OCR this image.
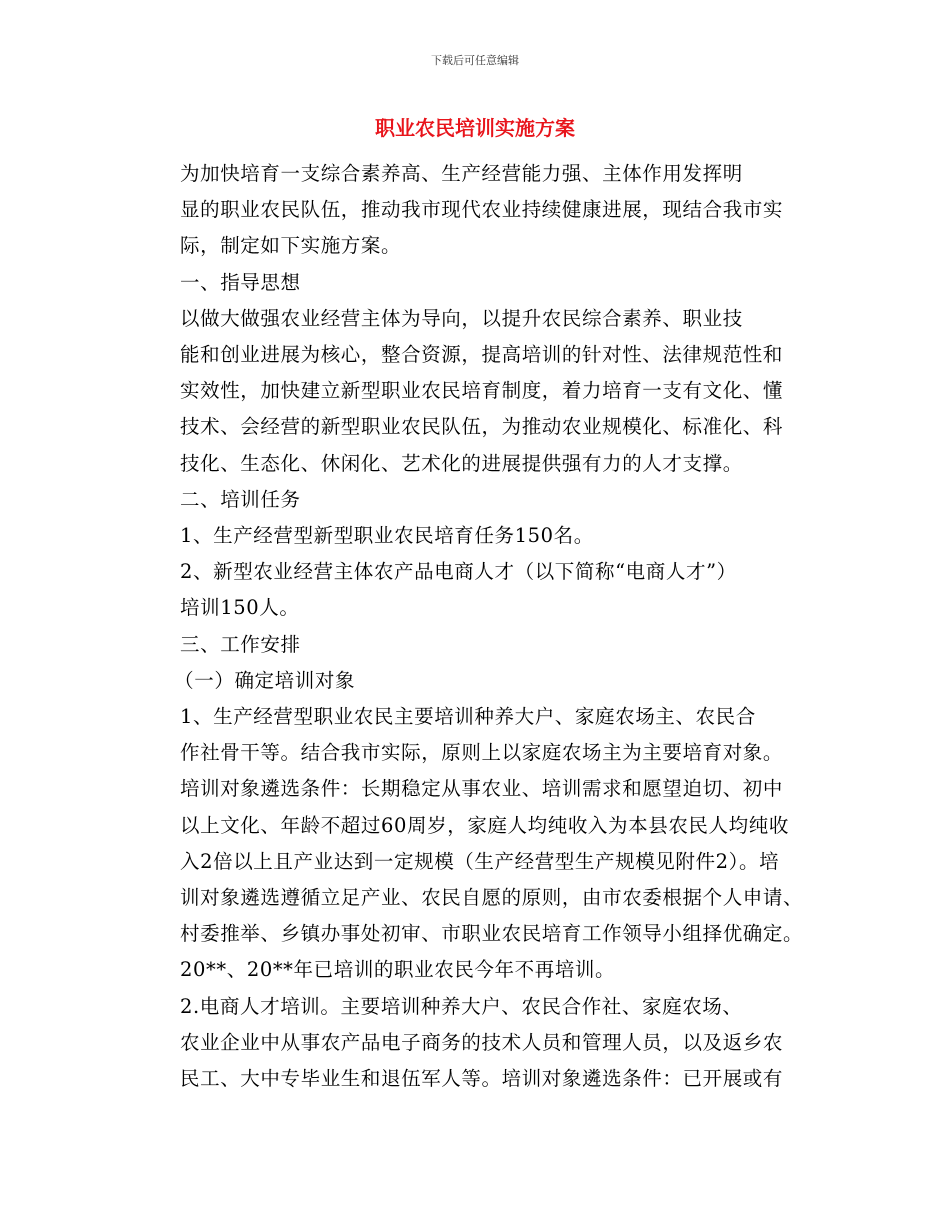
下载后可任意编辑
职业农民培训实施方案

为加快培育一支综合素养高、生产经营能力强、主体作用发挥明
显的职业农民队伍，推动我市现代农业持续健康进展，现结合我市实
际，制定如下实施方案。

一、指导思想

以做大做强农业经营主体为导向，以提升农民综合素养、职业技
能和创业进展为核心，整合资源，提高培训的针对性、法律规范性和
实效性，加快建立新型职业农民培育制度，着力培育一支有文化、懂
技术、会经营的新型职业农民队伍，为推动农业规模化、标准化、科
技化、生态化、休闲化、艺术化的进展提供强有力的人才支撑。

二、培训任务

1、生产经营型新型职业农民培育任务150名。

2、新型农业经营主体农产品电商人才（以下简称“电商人才”）
培训150人。

三、工作安排

（一）确定培训对象

1、生产经营型职业农民主要培训种养大户、家庭农场主、农民合
作社骨干等。结合我市实际，原则上以家庭农场主为主要培育对象。
培训对象遴选条件：长期稳定从事农业、培训需求和愿望迫切、初中
以上文化、年龄不超过60周岁，家庭人均纯收入为本县农民人均纯收
入2倍以上且产业达到一定规模（生产经营型生产规模见附件2）。培
训对象遴选遵循立足产业、农民自愿的原则，由市农委根据个人申请、
村委推举、乡镇办事处初审、市职业农民培育工作领导小组择优确定。
20**、20**年已培训的职业农民今年不再培训。

2.电商人才培训。主要培训种养大户、农民合作社、家庭农场、
农业企业中从事农产品电子商务的技术人员和管理人员，以及返乡农
民工、大中专毕业生和退伍军人等。培训对象遴选条件：已开展或有
